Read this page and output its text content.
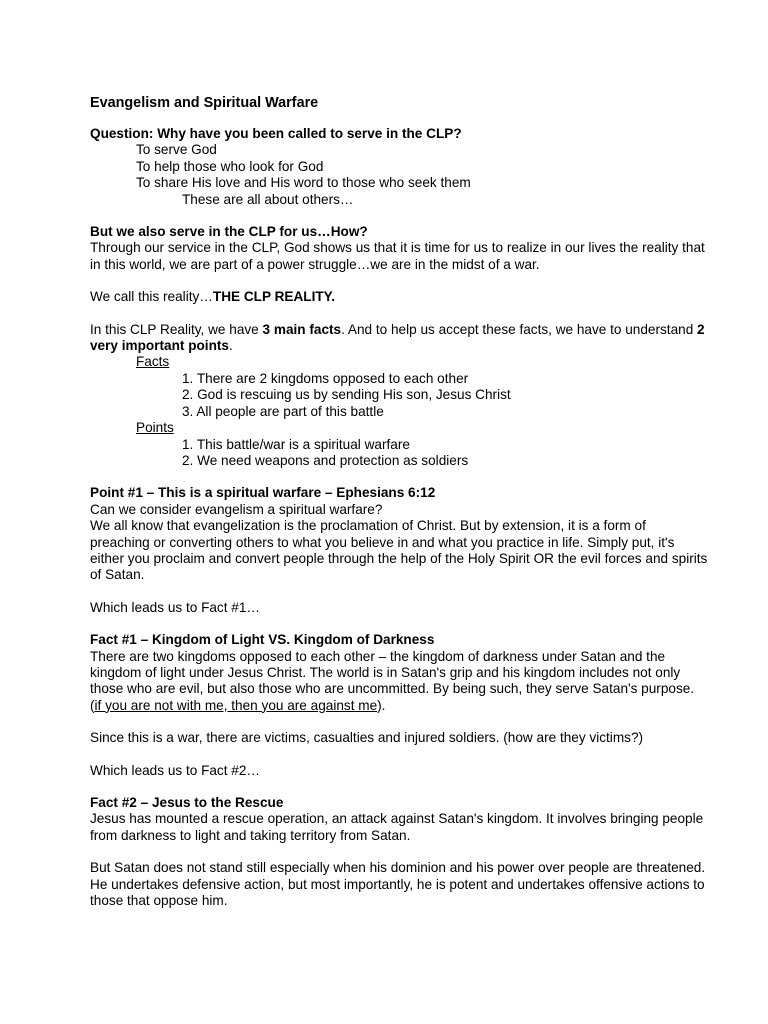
Evangelism and Spiritual Warfare

Question: Why have you been called to serve in the CLP?

To serve God

To help those who look for God

To share His love and His word to those who seek them

These are all about others…

But we also serve in the CLP for us…How?

Through our service in the CLP, God shows us that it is time for us to realize in our lives the reality that in this world, we are part of a power struggle…we are in the midst of a war.

We call this reality…THE CLP REALITY.

In this CLP Reality, we have 3 main facts. And to help us accept these facts, we have to understand 2 very important points.

Facts

1. There are 2 kingdoms opposed to each other

2. God is rescuing us by sending His son, Jesus Christ

3. All people are part of this battle

Points

1. This battle/war is a spiritual warfare

2. We need weapons and protection as soldiers

Point #1 – This is a spiritual warfare – Ephesians 6:12

Can we consider evangelism a spiritual warfare?

We all know that evangelization is the proclamation of Christ. But by extension, it is a form of preaching or converting others to what you believe in and what you practice in life. Simply put, it's either you proclaim and convert people through the help of the Holy Spirit OR the evil forces and spirits of Satan.

Which leads us to Fact #1…

Fact #1 – Kingdom of Light VS. Kingdom of Darkness

There are two kingdoms opposed to each other – the kingdom of darkness under Satan and the kingdom of light under Jesus Christ. The world is in Satan's grip and his kingdom includes not only those who are evil, but also those who are uncommitted. By being such, they serve Satan's purpose. (if you are not with me, then you are against me).

Since this is a war, there are victims, casualties and injured soldiers. (how are they victims?)

Which leads us to Fact #2…

Fact #2 – Jesus to the Rescue

Jesus has mounted a rescue operation, an attack against Satan's kingdom. It involves bringing people from darkness to light and taking territory from Satan.

But Satan does not stand still especially when his dominion and his power over people are threatened. He undertakes defensive action, but most importantly, he is potent and undertakes offensive actions to those that oppose him.
